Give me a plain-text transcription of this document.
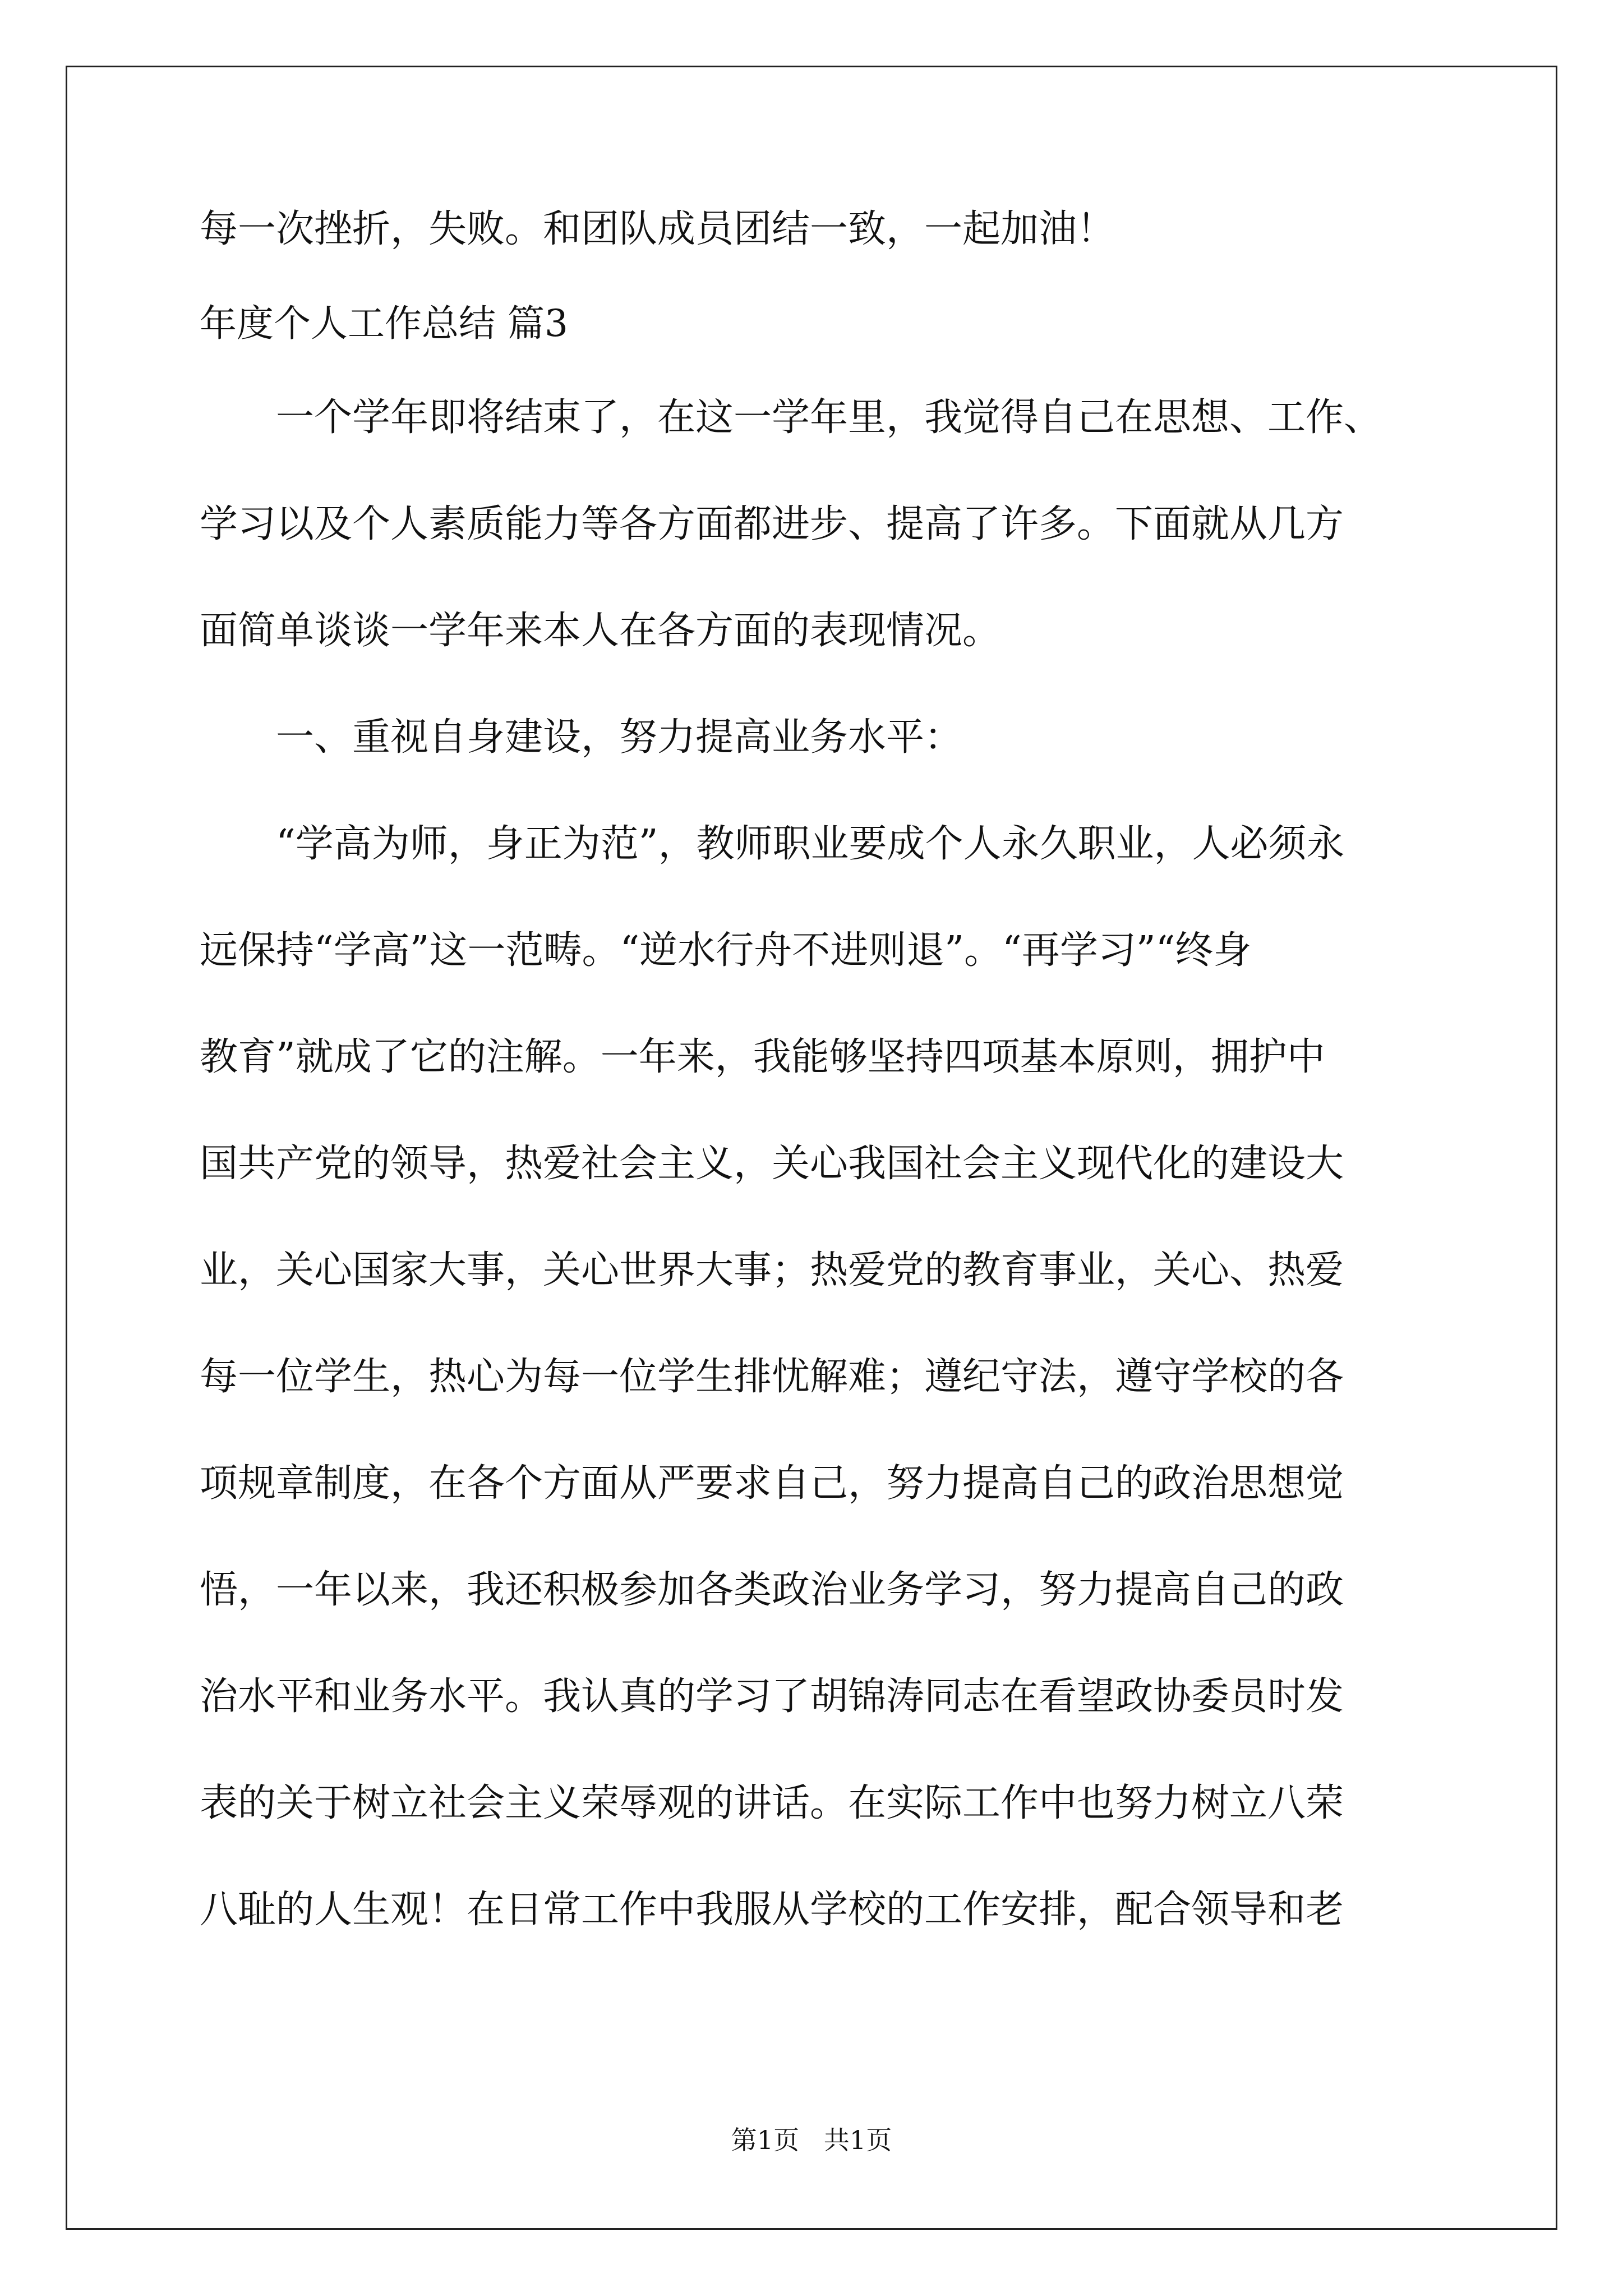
每一次挫折，失败。和团队成员团结一致，一起加油！

年度个人工作总结 篇3

一个学年即将结束了，在这一学年里，我觉得自己在思想、工作、

学习以及个人素质能力等各方面都进步、提高了许多。下面就从几方

面简单谈谈一学年来本人在各方面的表现情况。

一、重视自身建设，努力提高业务水平：

“学高为师，身正为范”，教师职业要成个人永久职业，人必须永

远保持“学高”这一范畴。“逆水行舟不进则退”。“再学习”“终身

教育”就成了它的注解。一年来，我能够坚持四项基本原则，拥护中

国共产党的领导，热爱社会主义，关心我国社会主义现代化的建设大

业，关心国家大事，关心世界大事；热爱党的教育事业，关心、热爱

每一位学生，热心为每一位学生排忧解难；遵纪守法，遵守学校的各

项规章制度，在各个方面从严要求自己，努力提高自己的政治思想觉

悟，一年以来，我还积极参加各类政治业务学习，努力提高自己的政

治水平和业务水平。我认真的学习了胡锦涛同志在看望政协委员时发

表的关于树立社会主义荣辱观的讲话。在实际工作中也努力树立八荣

八耻的人生观！在日常工作中我服从学校的工作安排，配合领导和老

第1页   共1页
